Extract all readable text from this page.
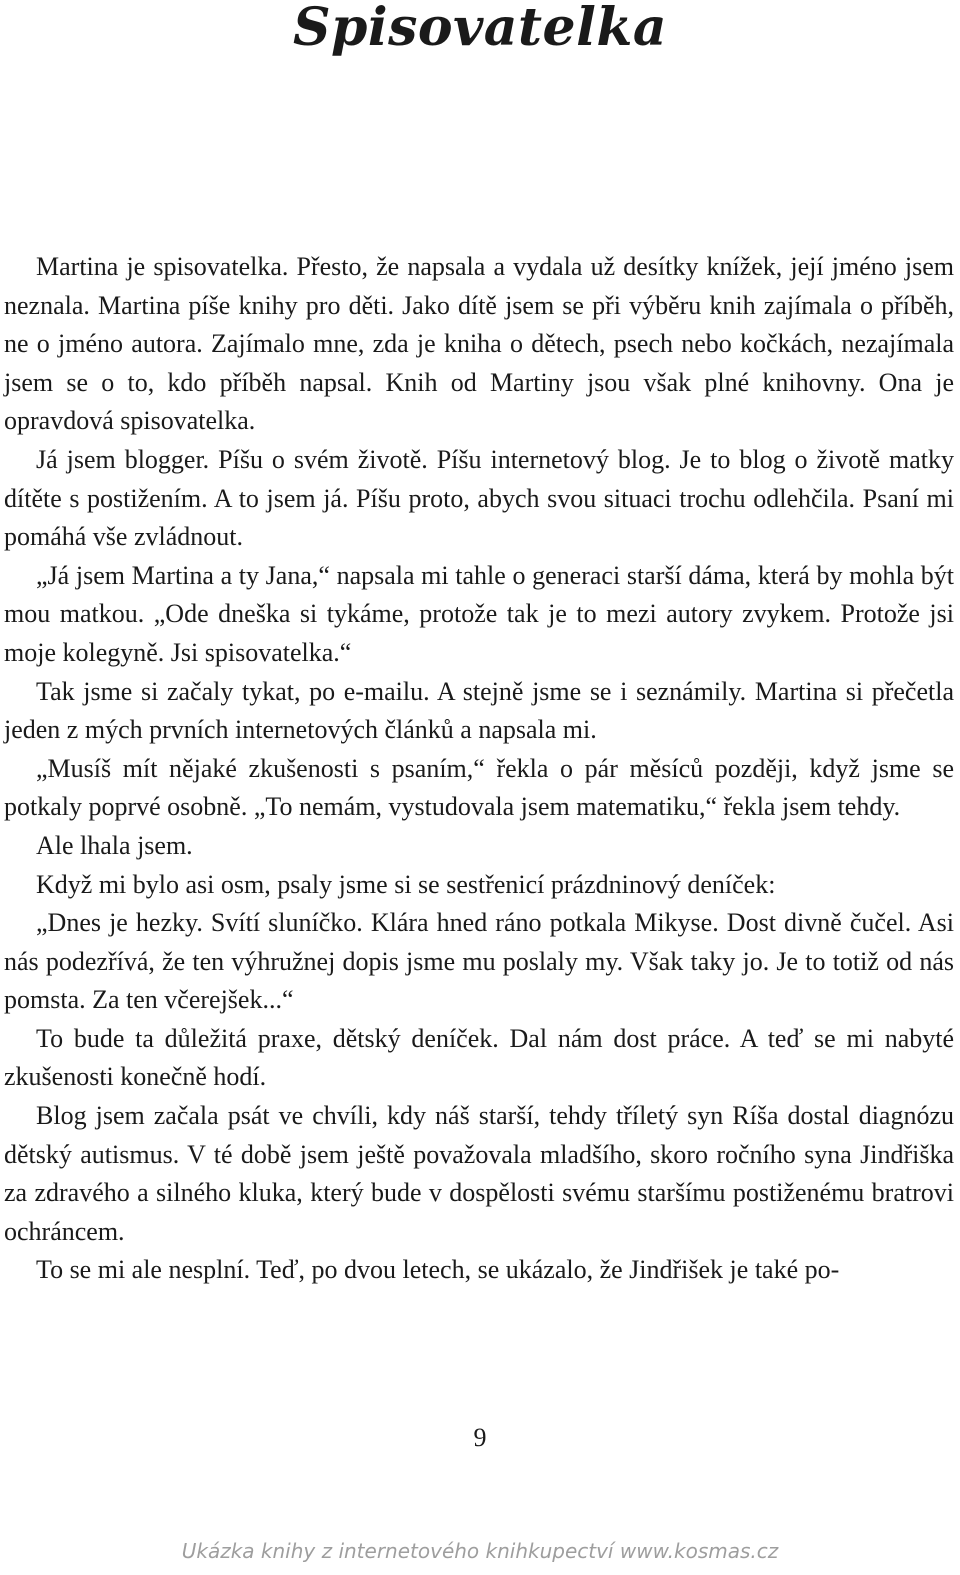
Spisovatelka

Martina je spisovatelka. Přesto, že napsala a vydala už desítky knížek, její jméno jsem neznala. Martina píše knihy pro děti. Jako dítě jsem se při výběru knih zajímala o příběh, ne o jméno autora. Zajímalo mne, zda je kniha o dětech, psech nebo kočkách, nezajímala jsem se o to, kdo příběh napsal. Knih od Martiny jsou však plné knihovny. Ona je opravdová spisovatelka.

Já jsem blogger. Píšu o svém životě. Píšu internetový blog. Je to blog o životě matky dítěte s postižením. A to jsem já. Píšu proto, abych svou situaci trochu odlehčila. Psaní mi pomáhá vše zvládnout.

„Já jsem Martina a ty Jana,“ napsala mi tahle o generaci starší dáma, která by mohla být mou matkou. „Ode dneška si tykáme, protože tak je to mezi autory zvykem. Protože jsi moje kolegyně. Jsi spisovatelka.“

Tak jsme si začaly tykat, po e-mailu. A stejně jsme se i seznámily. Martina si přečetla jeden z mých prvních internetových článků a napsala mi.

„Musíš mít nějaké zkušenosti s psaním,“ řekla o pár měsíců později, když jsme se potkaly poprvé osobně. „To nemám, vystudovala jsem matematiku,“ řekla jsem tehdy.

Ale lhala jsem.

Když mi bylo asi osm, psaly jsme si se sestřenicí prázdninový deníček:

„Dnes je hezky. Svítí sluníčko. Klára hned ráno potkala Mikyse. Dost divně čučel. Asi nás podezřívá, že ten výhružnej dopis jsme mu poslaly my. Však taky jo. Je to totiž od nás pomsta. Za ten včerejšek...“

To bude ta důležitá praxe, dětský deníček. Dal nám dost práce. A teď se mi nabyté zkušenosti konečně hodí.

Blog jsem začala psát ve chvíli, kdy náš starší, tehdy tříletý syn Ríša dostal diagnózu dětský autismus. V té době jsem ještě považovala mladšího, skoro ročního syna Jindřiška za zdravého a silného kluka, který bude v dospělosti svému staršímu postiženému bratrovi ochráncem.

To se mi ale nesplní. Teď, po dvou letech, se ukázalo, že Jindřišek je také po-

9
Ukázka knihy z internetového knihkupectví www.kosmas.cz
